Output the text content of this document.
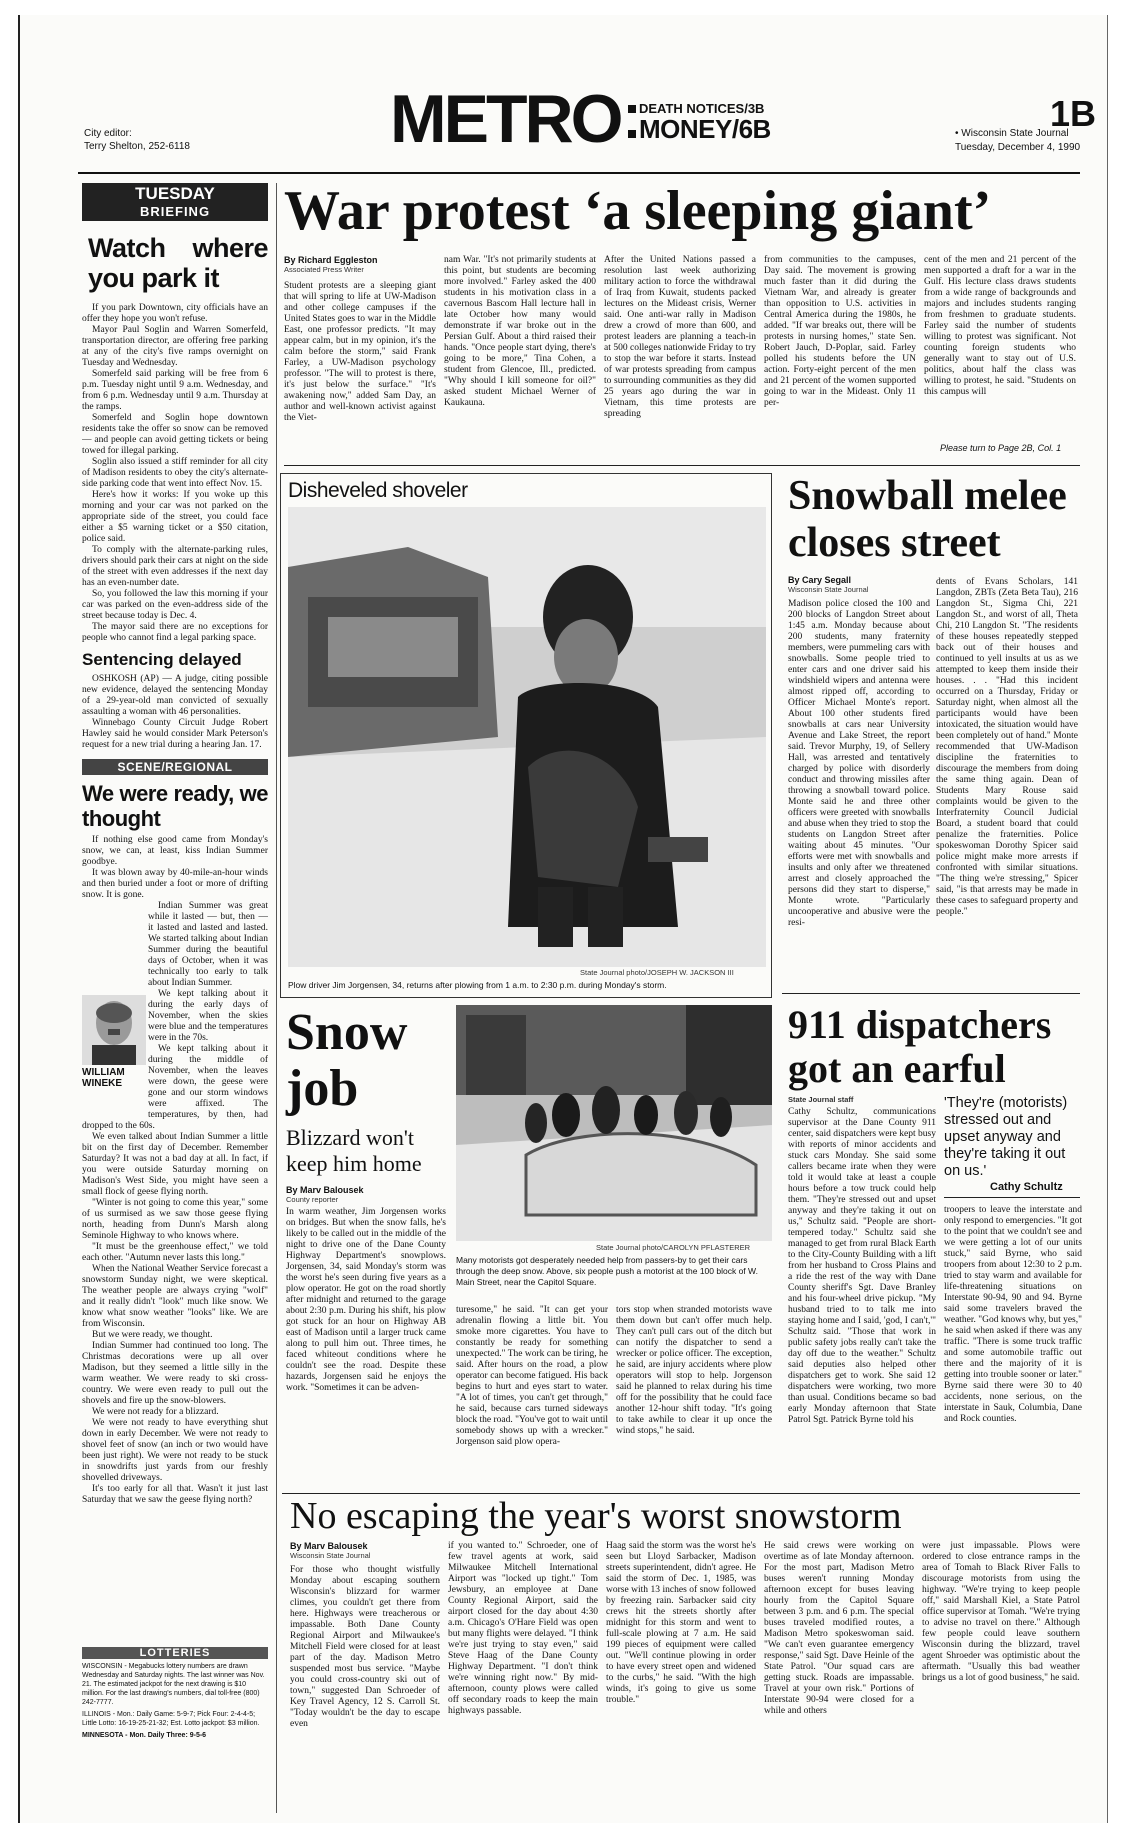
City editor:
Terry Shelton, 252-6118	METRO	DEATH NOTICES/3B
MONEY/6B	1B
• Wisconsin State Journal
Tuesday, December 4, 1990
TUESDAY
BRIEFING
Watch where you park it

If you park Downtown, city officials have an offer they hope you won't refuse.

Mayor Paul Soglin and Warren Somerfeld, transportation director, are offering free parking at any of the city's five ramps overnight on Tuesday and Wednesday.

Somerfeld said parking will be free from 6 p.m. Tuesday night until 9 a.m. Wednesday, and from 6 p.m. Wednesday until 9 a.m. Thursday at the ramps.

Somerfeld and Soglin hope downtown residents take the offer so snow can be removed — and people can avoid getting tickets or being towed for illegal parking.

Soglin also issued a stiff reminder for all city of Madison residents to obey the city's alternate-side parking code that went into effect Nov. 15.

Here's how it works: If you woke up this morning and your car was not parked on the appropriate side of the street, you could face either a $5 warning ticket or a $50 citation, police said.

To comply with the alternate-parking rules, drivers should park their cars at night on the side of the street with even addresses if the next day has an even-number date.

So, you followed the law this morning if your car was parked on the even-address side of the street because today is Dec. 4.

The mayor said there are no exceptions for people who cannot find a legal parking space.

Sentencing delayed

OSHKOSH (AP) — A judge, citing possible new evidence, delayed the sentencing Monday of a 29-year-old man convicted of sexually assaulting a woman with 46 personalities.

Winnebago County Circuit Judge Robert Hawley said he would consider Mark Peterson's request for a new trial during a hearing Jan. 17.

SCENE/REGIONAL
We were ready, we thought

If nothing else good came from Monday's snow, we can, at least, kiss Indian Summer goodbye.

It was blown away by 40-mile-an-hour winds and then buried under a foot or more of drifting snow. It is gone.

Indian Summer was great while it lasted — but, then — it lasted and lasted and lasted. We started talking about Indian Summer during the beautiful days of October, when it was technically too early to talk about Indian Summer.

We kept talking about it during the early days of November, when the skies were blue and the temperatures were in the 70s.

We kept talking about it during the middle of November, when the leaves were down, the geese were gone and our storm windows were affixed. The temperatures, by then, had dropped to the 60s.

We even talked about Indian Summer a little bit on the first day of December. Remember Saturday? It was not a bad day at all. In fact, if you were outside Saturday morning on Madison's West Side, you might have seen a small flock of geese flying north.

"Winter is not going to come this year," some of us surmised as we saw those geese flying north, heading from Dunn's Marsh along Seminole Highway to who knows where.

"It must be the greenhouse effect," we told each other. "Autumn never lasts this long."

When the National Weather Service forecast a snowstorm Sunday night, we were skeptical. The weather people are always crying "wolf" and it really didn't "look" much like snow. We know what snow weather "looks" like. We are from Wisconsin.

But we were ready, we thought.

Indian Summer had continued too long. The Christmas decorations were up all over Madison, but they seemed a little silly in the warm weather. We were ready to ski cross-country. We were even ready to pull out the shovels and fire up the snow-blowers.

We were not ready for a blizzard.

We were not ready to have everything shut down in early December. We were not ready to shovel feet of snow (an inch or two would have been just right). We were not ready to be stuck in snowdrifts just yards from our freshly shovelled driveways.

It's too early for all that. Wasn't it just last Saturday that we saw the geese flying north?

WILLIAM
WINEKE
LOTTERIES
WISCONSIN - Megabucks lottery numbers are drawn Wednesday and Saturday nights. The last winner was Nov. 21. The estimated jackpot for the next drawing is $10 million. For the last drawing's numbers, dial toll-free (800) 242-7777.
ILLINOIS - Mon.: Daily Game: 5-9-7; Pick Four: 2-4-4-5; Little Lotto: 16-19-25-21-32; Est. Lotto jackpot: $3 million.
MINNESOTA - Mon. Daily Three: 9-5-6
War protest ‘a sleeping giant’
By Richard Eggleston
Associated Press Writer
Student protests are a sleeping giant that will spring to life at UW-Madison and other college campuses if the United States goes to war in the Middle East, one professor predicts. "It may appear calm, but in my opinion, it's the calm before the storm," said Frank Farley, a UW-Madison psychology professor. "The will to protest is there, it's just below the surface." "It's awakening now," added Sam Day, an author and well-known activist against the Viet-
nam War. "It's not primarily students at this point, but students are becoming more involved." Farley asked the 400 students in his motivation class in a cavernous Bascom Hall lecture hall in late October how many would demonstrate if war broke out in the Persian Gulf. About a third raised their hands. "Once people start dying, there's going to be more," Tina Cohen, a student from Glencoe, Ill., predicted. "Why should I kill someone for oil?" asked student Michael Werner of Kaukauna.
After the United Nations passed a resolution last week authorizing military action to force the withdrawal of Iraq from Kuwait, students packed lectures on the Mideast crisis, Werner said. One anti-war rally in Madison drew a crowd of more than 600, and protest leaders are planning a teach-in at 500 colleges nationwide Friday to try to stop the war before it starts. Instead of war protests spreading from campus to surrounding communities as they did 25 years ago during the war in Vietnam, this time protests are spreading
from communities to the campuses, Day said. The movement is growing much faster than it did during the Vietnam War, and already is greater than opposition to U.S. activities in Central America during the 1980s, he added. "If war breaks out, there will be protests in nursing homes," state Sen. Robert Jauch, D-Poplar, said. Farley polled his students before the UN action. Forty-eight percent of the men and 21 percent of the women supported going to war in the Mideast. Only 11 per-
cent of the men and 21 percent of the men supported a draft for a war in the Gulf. His lecture class draws students from a wide range of backgrounds and majors and includes students ranging from freshmen to graduate students. Farley said the number of students willing to protest was significant. Not counting foreign students who generally want to stay out of U.S. politics, about half the class was willing to protest, he said. "Students on this campus will
Please turn to Page 2B, Col. 1
Disheveled shoveler
State Journal photo/JOSEPH W. JACKSON III
Plow driver Jim Jorgensen, 34, returns after plowing from 1 a.m. to 2:30 p.m. during Monday's storm.
Snowball melee closes street
By Cary Segall
Wisconsin State Journal
Madison police closed the 100 and 200 blocks of Langdon Street about 1:45 a.m. Monday because about 200 students, many fraternity members, were pummeling cars with snowballs. Some people tried to enter cars and one driver said his windshield wipers and antenna were almost ripped off, according to Officer Michael Monte's report. About 100 other students fired snowballs at cars near University Avenue and Lake Street, the report said. Trevor Murphy, 19, of Sellery Hall, was arrested and tentatively charged by police with disorderly conduct and throwing missiles after throwing a snowball toward police. Monte said he and three other officers were greeted with snowballs and abuse when they tried to stop the students on Langdon Street after waiting about 45 minutes. "Our efforts were met with snowballs and insults and only after we threatened arrest and closely approached the persons did they start to disperse," Monte wrote. "Particularly uncooperative and abusive were the resi-
dents of Evans Scholars, 141 Langdon, ZBTs (Zeta Beta Tau), 216 Langdon St., Sigma Chi, 221 Langdon St., and worst of all, Theta Chi, 210 Langdon St. "The residents of these houses repeatedly stepped back out of their houses and continued to yell insults at us as we attempted to keep them inside their houses. . . "Had this incident occurred on a Thursday, Friday or Saturday night, when almost all the participants would have been intoxicated, the situation would have been completely out of hand." Monte recommended that UW-Madison discipline the fraternities to discourage the members from doing the same thing again. Dean of Students Mary Rouse said complaints would be given to the Interfraternity Council Judicial Board, a student board that could penalize the fraternities. Police spokeswoman Dorothy Spicer said police might make more arrests if confronted with similar situations. "The thing we're stressing," Spicer said, "is that arrests may be made in these cases to safeguard property and people."
Snow
job
Blizzard won't keep him home
By Marv Balousek
County reporter
In warm weather, Jim Jorgensen works on bridges. But when the snow falls, he's likely to be called out in the middle of the night to drive one of the Dane County Highway Department's snowplows. Jorgensen, 34, said Monday's storm was the worst he's seen during five years as a plow operator. He got on the road shortly after midnight and returned to the garage about 2:30 p.m. During his shift, his plow got stuck for an hour on Highway AB east of Madison until a larger truck came along to pull him out. Three times, he faced whiteout conditions where he couldn't see the road. Despite these hazards, Jorgensen said he enjoys the work. "Sometimes it can be adven-
State Journal photo/CAROLYN PFLASTERER
Many motorists got desperately needed help from passers-by to get their cars through the deep snow. Above, six people push a motorist at the 100 block of W. Main Street, near the Capitol Square.
turesome," he said. "It can get your adrenalin flowing a little bit. You smoke more cigarettes. You have to constantly be ready for something unexpected." The work can be tiring, he said. After hours on the road, a plow operator can become fatigued. His back begins to hurt and eyes start to water. "A lot of times, you can't get through," he said, because cars turned sideways block the road. "You've got to wait until somebody shows up with a wrecker." Jorgenson said plow opera-
tors stop when stranded motorists wave them down but can't offer much help. They can't pull cars out of the ditch but can notify the dispatcher to send a wrecker or police officer. The exception, he said, are injury accidents where plow operators will stop to help. Jorgenson said he planned to relax during his time off for the possibility that he could face another 12-hour shift today. "It's going to take awhile to clear it up once the wind stops," he said.
911 dispatchers got an earful
State Journal staff
Cathy Schultz, communications supervisor at the Dane County 911 center, said dispatchers were kept busy with reports of minor accidents and stuck cars Monday. She said some callers became irate when they were told it would take at least a couple hours before a tow truck could help them. "They're stressed out and upset anyway and they're taking it out on us," Schultz said. "People are short-tempered today." Schultz said she managed to get from rural Black Earth to the City-County Building with a lift from her husband to Cross Plains and a ride the rest of the way with Dane County sheriff's Sgt. Dave Branley and his four-wheel drive pickup. "My husband tried to to talk me into staying home and I said, 'god, I can't,'" Schultz said. "Those that work in public safety jobs really can't take the day off due to the weather." Schultz said deputies also helped other dispatchers get to work. She said 12 dispatchers were working, two more than usual. Conditions became so bad early Monday afternoon that State Patrol Sgt. Patrick Byrne told his
'They're (motorists) stressed out and upset anyway and they're taking it out on us.'
Cathy Schultz
troopers to leave the interstate and only respond to emergencies. "It got to the point that we couldn't see and we were getting a lot of our units stuck," said Byrne, who said troopers from about 12:30 to 2 p.m. tried to stay warm and available for life-threatening situations on Interstate 90-94, 90 and 94. Byrne said some travelers braved the weather. "God knows why, but yes," he said when asked if there was any traffic. "There is some truck traffic and some automobile traffic out there and the majority of it is getting into trouble sooner or later." Byrne said there were 30 to 40 accidents, none serious, on the interstate in Sauk, Columbia, Dane and Rock counties.
No escaping the year's worst snowstorm
By Marv Balousek
Wisconsin State Journal
For those who thought wistfully Monday about escaping southern Wisconsin's blizzard for warmer climes, you couldn't get there from here. Highways were treacherous or impassable. Both Dane County Regional Airport and Milwaukee's Mitchell Field were closed for at least part of the day. Madison Metro suspended most bus service. "Maybe you could cross-country ski out of town," suggested Dan Schroeder of Key Travel Agency, 12 S. Carroll St. "Today wouldn't be the day to escape even
if you wanted to." Schroeder, one of few travel agents at work, said Milwaukee Mitchell International Airport was "locked up tight." Tom Jewsbury, an employee at Dane County Regional Airport, said the airport closed for the day about 4:30 a.m. Chicago's O'Hare Field was open but many flights were delayed. "I think we're just trying to stay even," said Steve Haag of the Dane County Highway Department. "I don't think we're winning right now." By mid-afternoon, county plows were called off secondary roads to keep the main highways passable.
Haag said the storm was the worst he's seen but Lloyd Sarbacker, Madison streets superintendent, didn't agree. He said the storm of Dec. 1, 1985, was worse with 13 inches of snow followed by freezing rain. Sarbacker said city crews hit the streets shortly after midnight for this storm and went to full-scale plowing at 7 a.m. He said 199 pieces of equipment were called out. "We'll continue plowing in order to have every street open and widened to the curbs," he said. "With the high winds, it's going to give us some trouble."
He said crews were working on overtime as of late Monday afternoon. For the most part, Madison Metro buses weren't running Monday afternoon except for buses leaving hourly from the Capitol Square between 3 p.m. and 6 p.m. The special buses traveled modified routes, a Madison Metro spokeswoman said. "We can't even guarantee emergency response," said Sgt. Dave Heinle of the State Patrol. "Our squad cars are getting stuck. Roads are impassable. Travel at your own risk." Portions of Interstate 90-94 were closed for a while and others
were just impassable. Plows were ordered to close entrance ramps in the area of Tomah to Black River Falls to discourage motorists from using the highway. "We're trying to keep people off," said Marshall Kiel, a State Patrol office supervisor at Tomah. "We're trying to advise no travel on there." Although few people could leave southern Wisconsin during the blizzard, travel agent Shroeder was optimistic about the aftermath. "Usually this bad weather brings us a lot of good business," he said.
